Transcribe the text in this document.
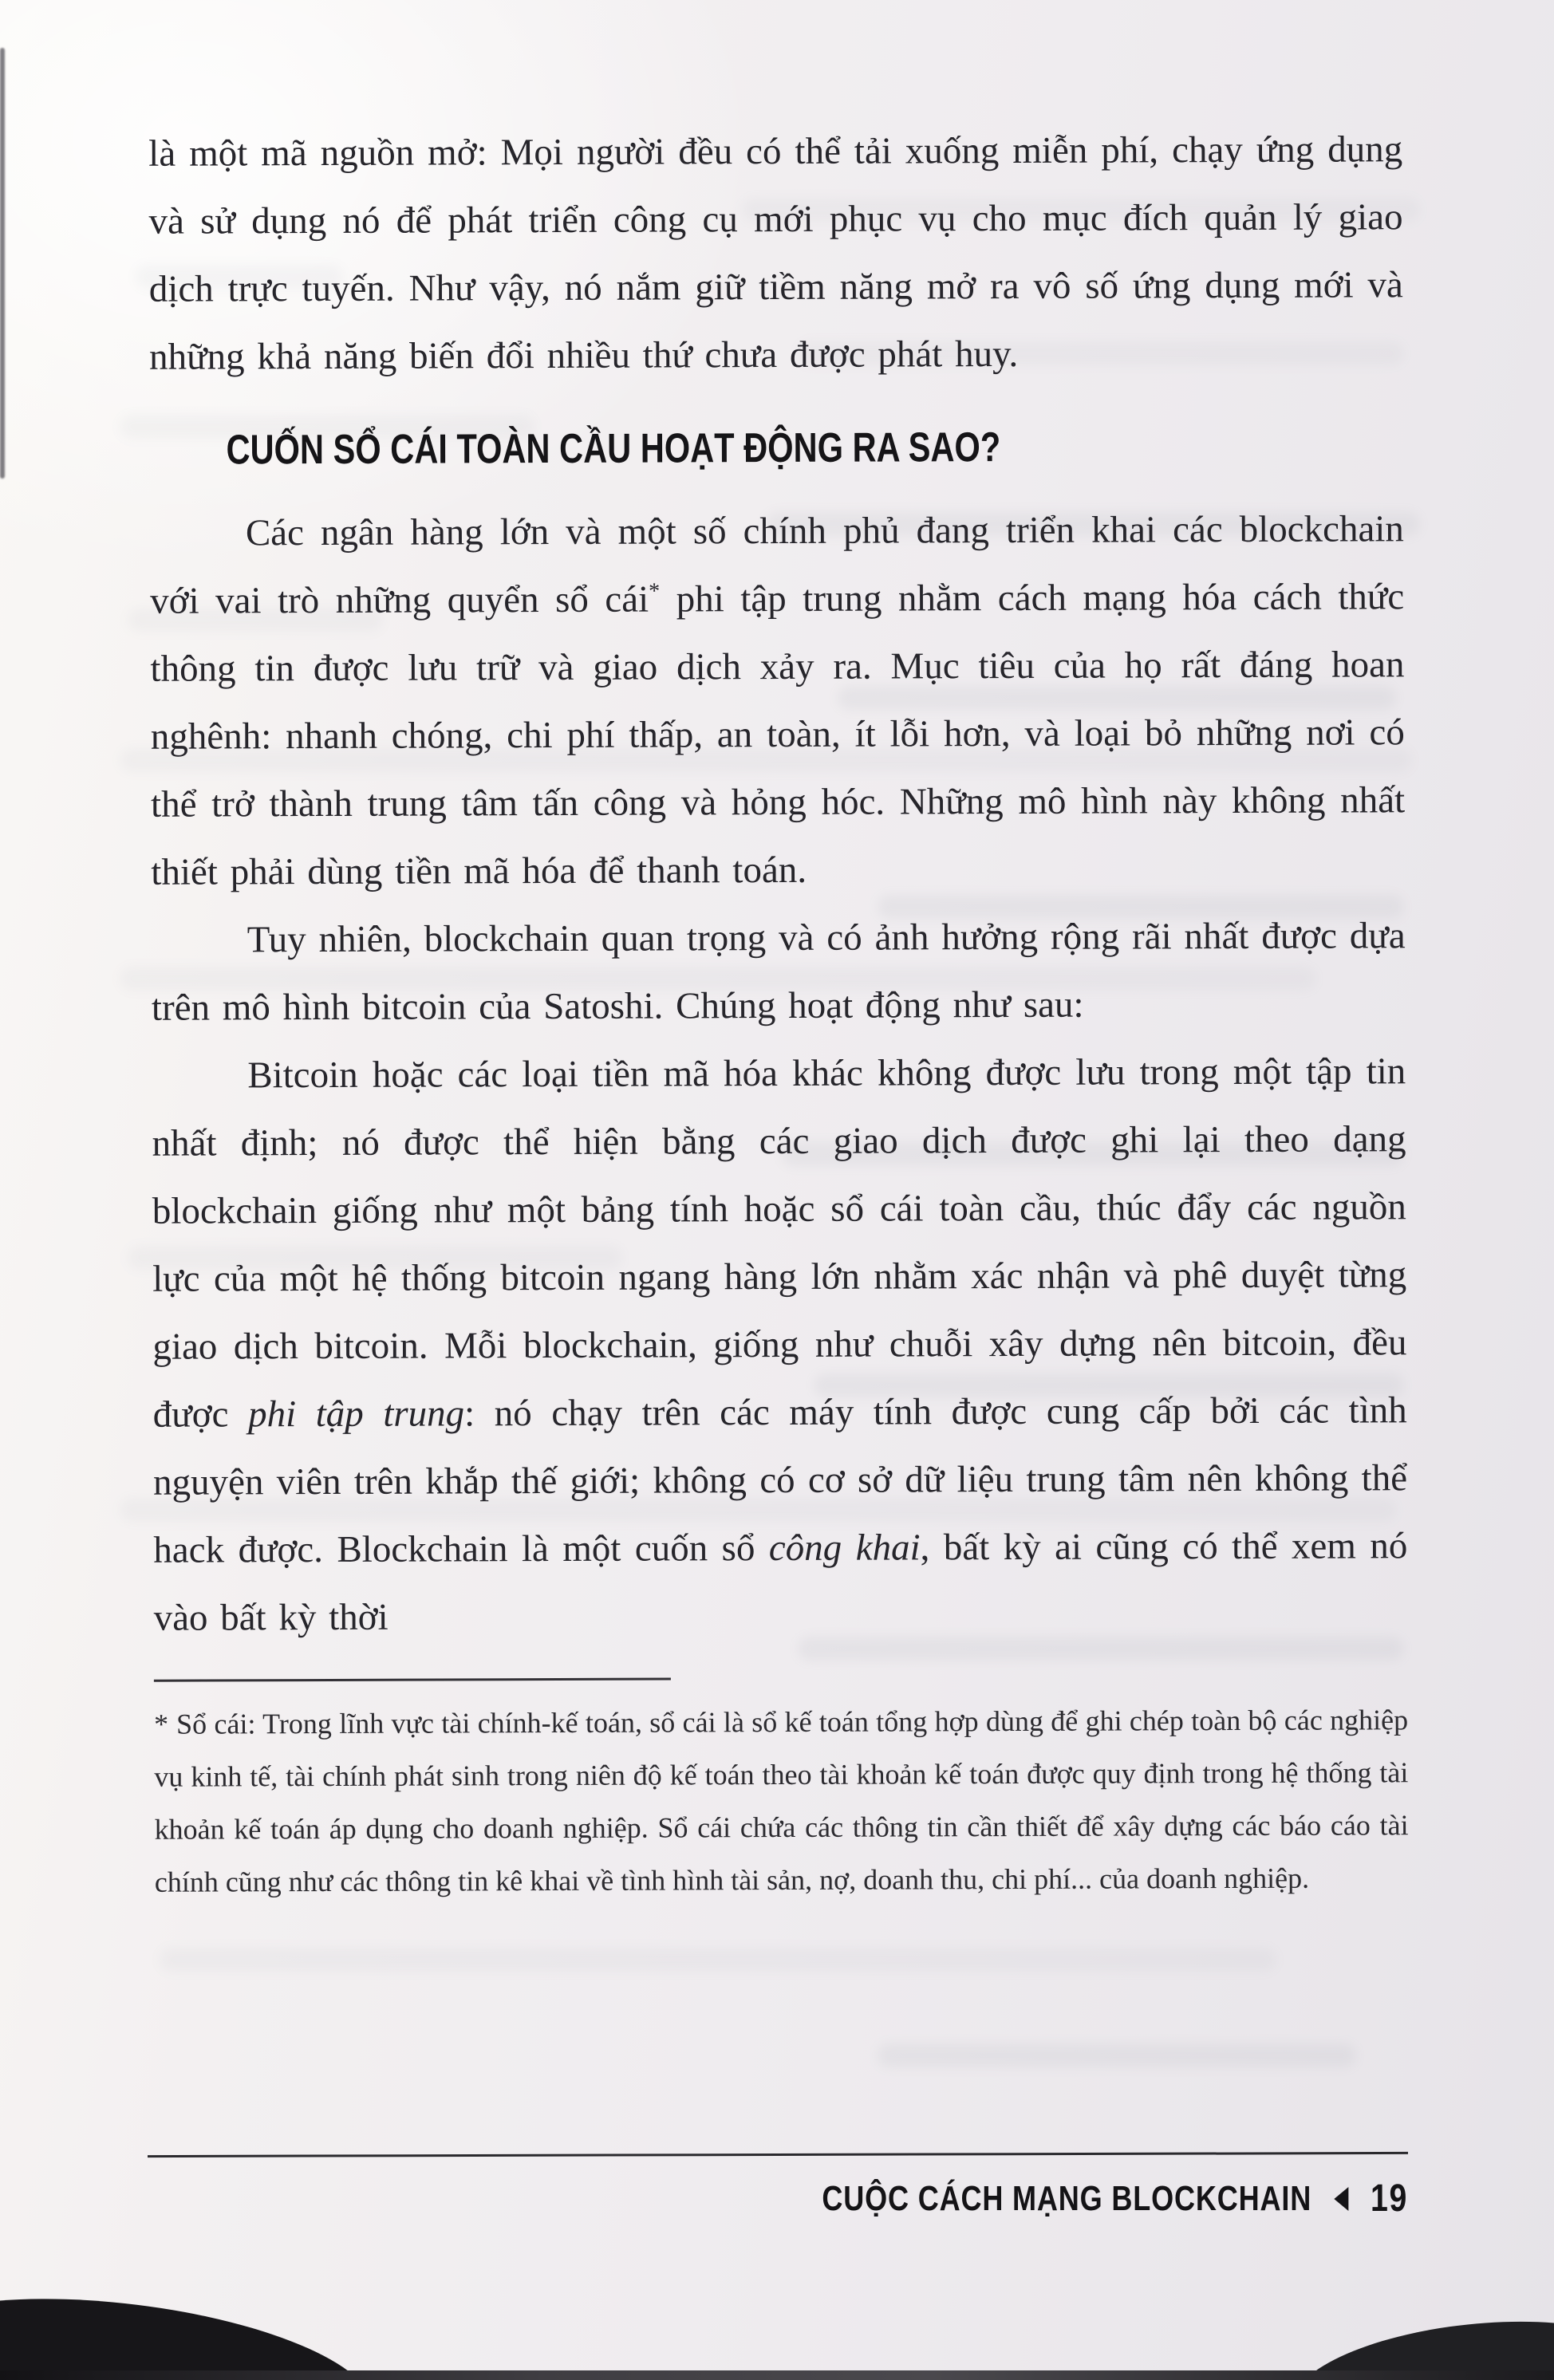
là một mã nguồn mở: Mọi người đều có thể tải xuống miễn phí, chạy ứng dụng và sử dụng nó để phát triển công cụ mới phục vụ cho mục đích quản lý giao dịch trực tuyến. Như vậy, nó nắm giữ tiềm năng mở ra vô số ứng dụng mới và những khả năng biến đổi nhiều thứ chưa được phát huy.

CUỐN SỔ CÁI TOÀN CẦU HOẠT ĐỘNG RA SAO?

Các ngân hàng lớn và một số chính phủ đang triển khai các blockchain với vai trò những quyển sổ cái* phi tập trung nhằm cách mạng hóa cách thức thông tin được lưu trữ và giao dịch xảy ra. Mục tiêu của họ rất đáng hoan nghênh: nhanh chóng, chi phí thấp, an toàn, ít lỗi hơn, và loại bỏ những nơi có thể trở thành trung tâm tấn công và hỏng hóc. Những mô hình này không nhất thiết phải dùng tiền mã hóa để thanh toán.

Tuy nhiên, blockchain quan trọng và có ảnh hưởng rộng rãi nhất được dựa trên mô hình bitcoin của Satoshi. Chúng hoạt động như sau:

Bitcoin hoặc các loại tiền mã hóa khác không được lưu trong một tập tin nhất định; nó được thể hiện bằng các giao dịch được ghi lại theo dạng blockchain giống như một bảng tính hoặc sổ cái toàn cầu, thúc đẩy các nguồn lực của một hệ thống bitcoin ngang hàng lớn nhằm xác nhận và phê duyệt từng giao dịch bitcoin. Mỗi blockchain, giống như chuỗi xây dựng nên bitcoin, đều được phi tập trung: nó chạy trên các máy tính được cung cấp bởi các tình nguyện viên trên khắp thế giới; không có cơ sở dữ liệu trung tâm nên không thể hack được. Blockchain là một cuốn sổ công khai, bất kỳ ai cũng có thể xem nó vào bất kỳ thời

* Sổ cái: Trong lĩnh vực tài chính-kế toán, sổ cái là sổ kế toán tổng hợp dùng để ghi chép toàn bộ các nghiệp vụ kinh tế, tài chính phát sinh trong niên độ kế toán theo tài khoản kế toán được quy định trong hệ thống tài khoản kế toán áp dụng cho doanh nghiệp. Sổ cái chứa các thông tin cần thiết để xây dựng các báo cáo tài chính cũng như các thông tin kê khai về tình hình tài sản, nợ, doanh thu, chi phí... của doanh nghiệp.

CUỘC CÁCH MẠNG BLOCKCHAIN 19
